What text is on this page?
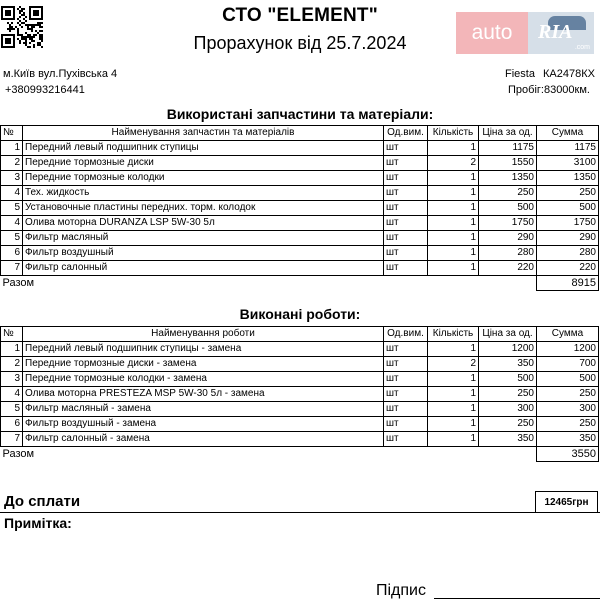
СТО "ELEMENT"
Прорахунок від 25.7.2024	auto	RIA
.com
м.Київ вул.Пухівська 4
+380993216441
Fiesta КА2478КХ
Пробіг:83000км.
Використані запчастини та матеріали:
№	Найменування запчастин та матеріалів	Од.вим.	Кількість	Ціна за од.	Сумма
1	Передний левый подшипник ступицы	шт	1	1175	1175
2	Передние тормозные диски	шт	2	1550	3100
3	Передние тормозные колодки	шт	1	1350	1350
4	Тех. жидкость	шт	1	250	250
5	Установочные пластины передних. торм. колодок	шт	1	500	500
4	Олива моторна DURANZA LSP 5W-30 5л	шт	1	1750	1750
5	Фильтр масляный	шт	1	290	290
6	Фильтр воздушный	шт	1	280	280
7	Фильтр салонный	шт	1	220	220
Разом					8915
Виконані роботи:
№	Найменування роботи	Од.вим.	Кількість	Ціна за од.	Сумма
1	Передний левый подшипник ступицы - замена	шт	1	1200	1200
2	Передние тормозные диски - замена	шт	2	350	700
3	Передние тормозные колодки - замена	шт	1	500	500
4	Олива моторна PRESTEZA MSP 5W-30 5л - замена	шт	1	250	250
5	Фильтр масляный - замена	шт	1	300	300
6	Фильтр воздушный - замена	шт	1	250	250
7	Фильтр салонный - замена	шт	1	350	350
Разом					3550
До сплати	12465грн
Примітка:
Підпис
